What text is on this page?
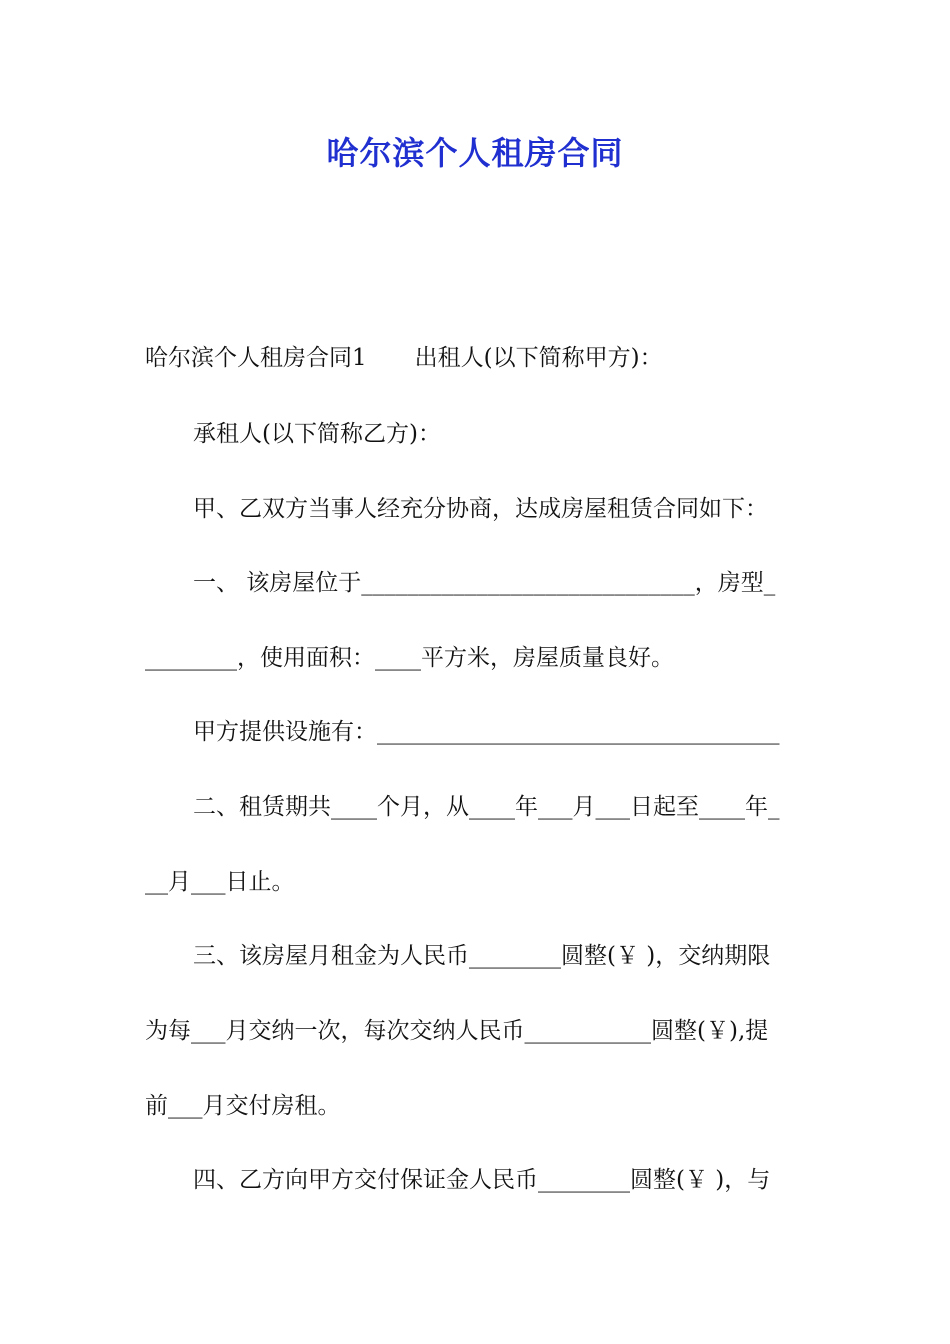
哈尔滨个人租房合同
哈尔滨个人租房合同1 出租人(以下简称甲方)：
承租人(以下简称乙方)：
甲、乙双方当事人经充分协商，达成房屋租赁合同如下：
一、 该房屋位于_____________________________，房型_
________，使用面积：____平方米，房屋质量良好。
甲方提供设施有：___________________________________
二、租赁期共____个月，从____年___月___日起至____年_
__月___日止。
三、该房屋月租金为人民币________圆整(￥ )，交纳期限
为每___月交纳一次，每次交纳人民币___________圆整(￥),提
前___月交付房租。
四、乙方向甲方交付保证金人民币________圆整(￥ )，与
